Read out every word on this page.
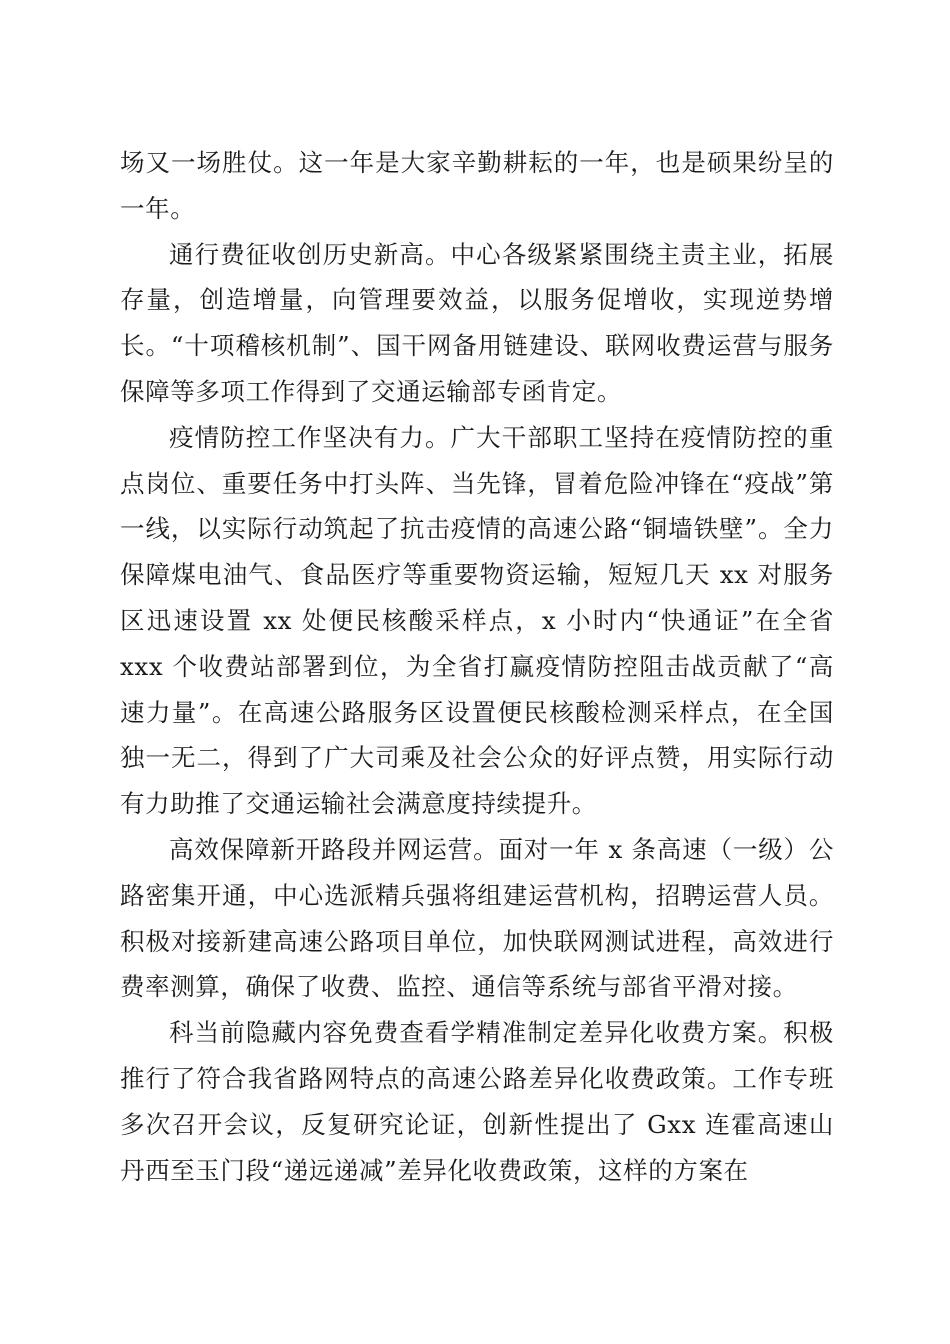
场又一场胜仗。这一年是大家辛勤耕耘的一年，也是硕果纷呈的一年。

通行费征收创历史新高。中心各级紧紧围绕主责主业，拓展存量，创造增量，向管理要效益，以服务促增收，实现逆势增长。“十项稽核机制”、国干网备用链建设、联网收费运营与服务保障等多项工作得到了交通运输部专函肯定。

疫情防控工作坚决有力。广大干部职工坚持在疫情防控的重点岗位、重要任务中打头阵、当先锋，冒着危险冲锋在“疫战”第一线，以实际行动筑起了抗击疫情的高速公路“铜墙铁壁”。全力保障煤电油气、食品医疗等重要物资运输，短短几天 xx 对服务区迅速设置 xx 处便民核酸采样点，x 小时内“快通证”在全省 xxx 个收费站部署到位，为全省打赢疫情防控阻击战贡献了“高速力量”。在高速公路服务区设置便民核酸检测采样点，在全国独一无二，得到了广大司乘及社会公众的好评点赞，用实际行动有力助推了交通运输社会满意度持续提升。

高效保障新开路段并网运营。面对一年 x 条高速（一级）公路密集开通，中心选派精兵强将组建运营机构，招聘运营人员。积极对接新建高速公路项目单位，加快联网测试进程，高效进行费率测算，确保了收费、监控、通信等系统与部省平滑对接。

科当前隐藏内容免费查看学精准制定差异化收费方案。积极推行了符合我省路网特点的高速公路差异化收费政策。工作专班多次召开会议，反复研究论证，创新性提出了 Gxx 连霍高速山丹西至玉门段“递远递减”差异化收费政策，这样的方案在
